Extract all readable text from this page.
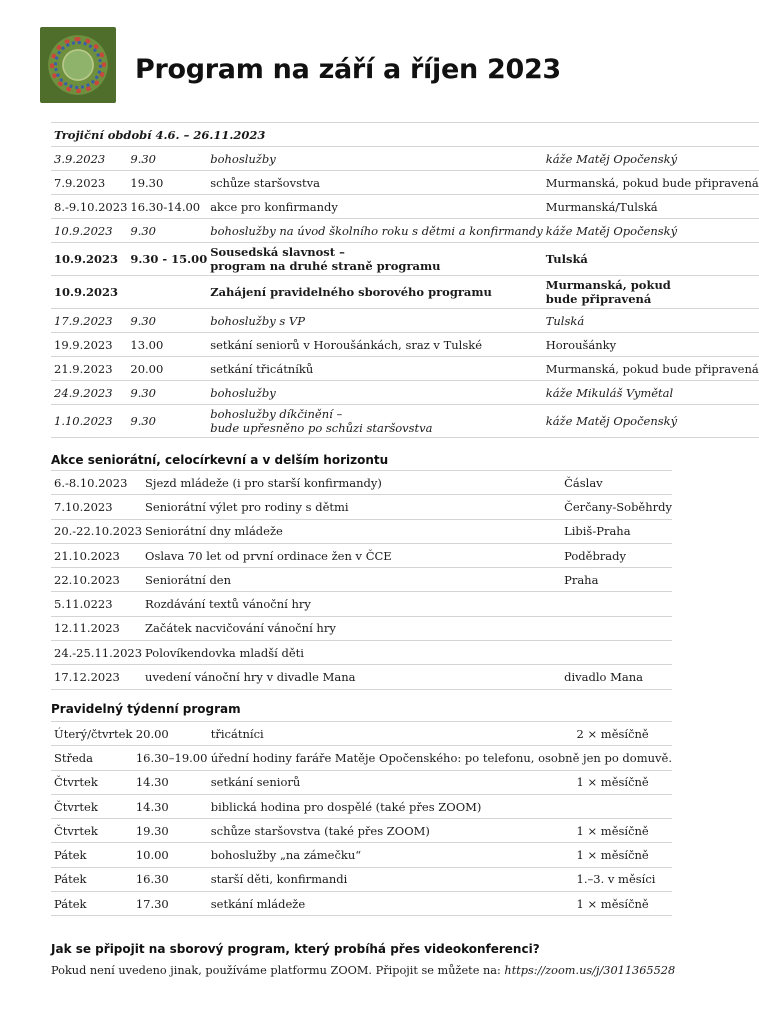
Program na září a říjen 2023
Trojiční období 4.6. – 26.11.2023			
3.9.2023	9.30	bohoslužby	káže Matěj Opočenský
7.9.2023	19.30	schůze staršovstva	Murmanská, pokud bude připravená
8.-9.10.2023	16.30-14.00	akce pro konfirmandy	Murmanská/Tulská
10.9.2023	9.30	bohoslužby na úvod školního roku s dětmi a konfirmandy	káže Matěj Opočenský
10.9.2023	9.30 - 15.00	Sousedská slavnost –
program na druhé straně programu	Tulská
10.9.2023		Zahájení pravidelného sborového programu	Murmanská, pokud
bude připravená

17.9.2023	9.30	bohoslužby s VP	Tulská
19.9.2023	13.00	setkání seniorů v Horoušánkách, sraz v Tulské	Horoušánky
21.9.2023	20.00	setkání třicátníků	Murmanská, pokud bude připravená
24.9.2023	9.30	bohoslužby	káže Mikuláš Vymětal
1.10.2023	9.30	bohoslužby díkčinění –
bude upřesněno po schůzi staršovstva	káže Matěj Opočenský
Akce seniorátní, celocírkevní a v delším horizontu
6.-8.10.2023	Sjezd mládeže (i pro starší konfirmandy)	Čáslav
7.10.2023	Seniorátní výlet pro rodiny s dětmi	Čerčany-Soběhrdy
20.-22.10.2023	Seniorátní dny mládeže	Libiš-Praha
21.10.2023	Oslava 70 let od první ordinace žen v ČCE	Poděbrady
22.10.2023	Seniorátní den	Praha
5.11.0223	Rozdávání textů vánoční hry	
12.11.2023	Začátek nacvičování vánoční hry	
24.-25.11.2023	Polovíkendovka mladší děti	
17.12.2023	uvedení vánoční hry v divadle Mana	divadlo Mana
Pravidelný týdenní program
Úterý/čtvrtek	20.00	třicátníci	2 × měsíčně
Středa	16.30–19.00	úřední hodiny faráře Matěje Opočenského: po telefonu, osobně jen po domuvě.	
Čtvrtek	14.30	setkání seniorů	1 × měsíčně
Čtvrtek	14.30	biblická hodina pro dospělé (také přes ZOOM)	
Čtvrtek	19.30	schůze staršovstva (také přes ZOOM)	1 × měsíčně
Pátek	10.00	bohoslužby „na zámečku“	1 × měsíčně
Pátek	16.30	starší děti, konfirmandi	1.–3. v měsíci
Pátek	17.30	setkání mládeže	1 × měsíčně
Jak se připojit na sborový program, který probíhá přes videokonferenci?
Pokud není uvedeno jinak, používáme platformu ZOOM. Připojit se můžete na: https://zoom.us/j/3011365528
